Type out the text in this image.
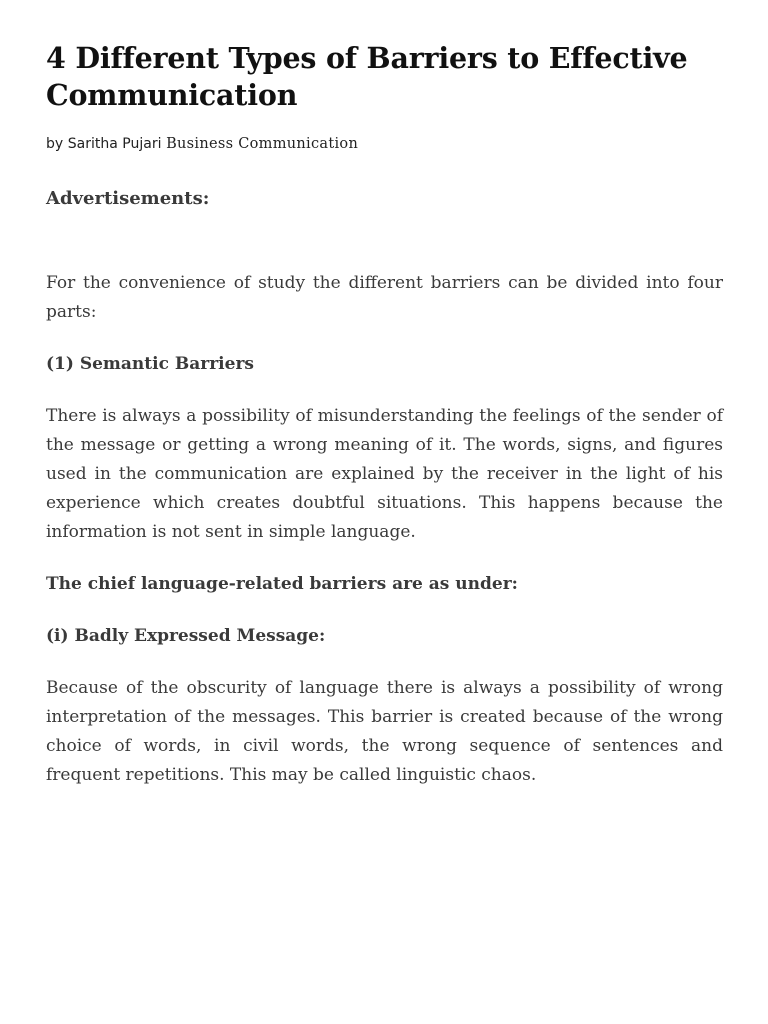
4 Different Types of Barriers to Effective Communication
by Saritha Pujari Business Communication
Advertisements:

For the convenience of study the different barriers can be divided into four parts:

(1) Semantic Barriers

There is always a possibility of misunderstanding the feelings of the sender of the message or getting a wrong meaning of it. The words, signs, and figures used in the communication are explained by the receiver in the light of his experience which creates doubtful situations. This happens because the information is not sent in simple language.

The chief language-related barriers are as under:
(i) Badly Expressed Message:

Because of the obscurity of language there is always a possibility of wrong interpretation of the messages. This barrier is created because of the wrong choice of words, in civil words, the wrong sequence of sentences and frequent repetitions. This may be called linguistic chaos.
